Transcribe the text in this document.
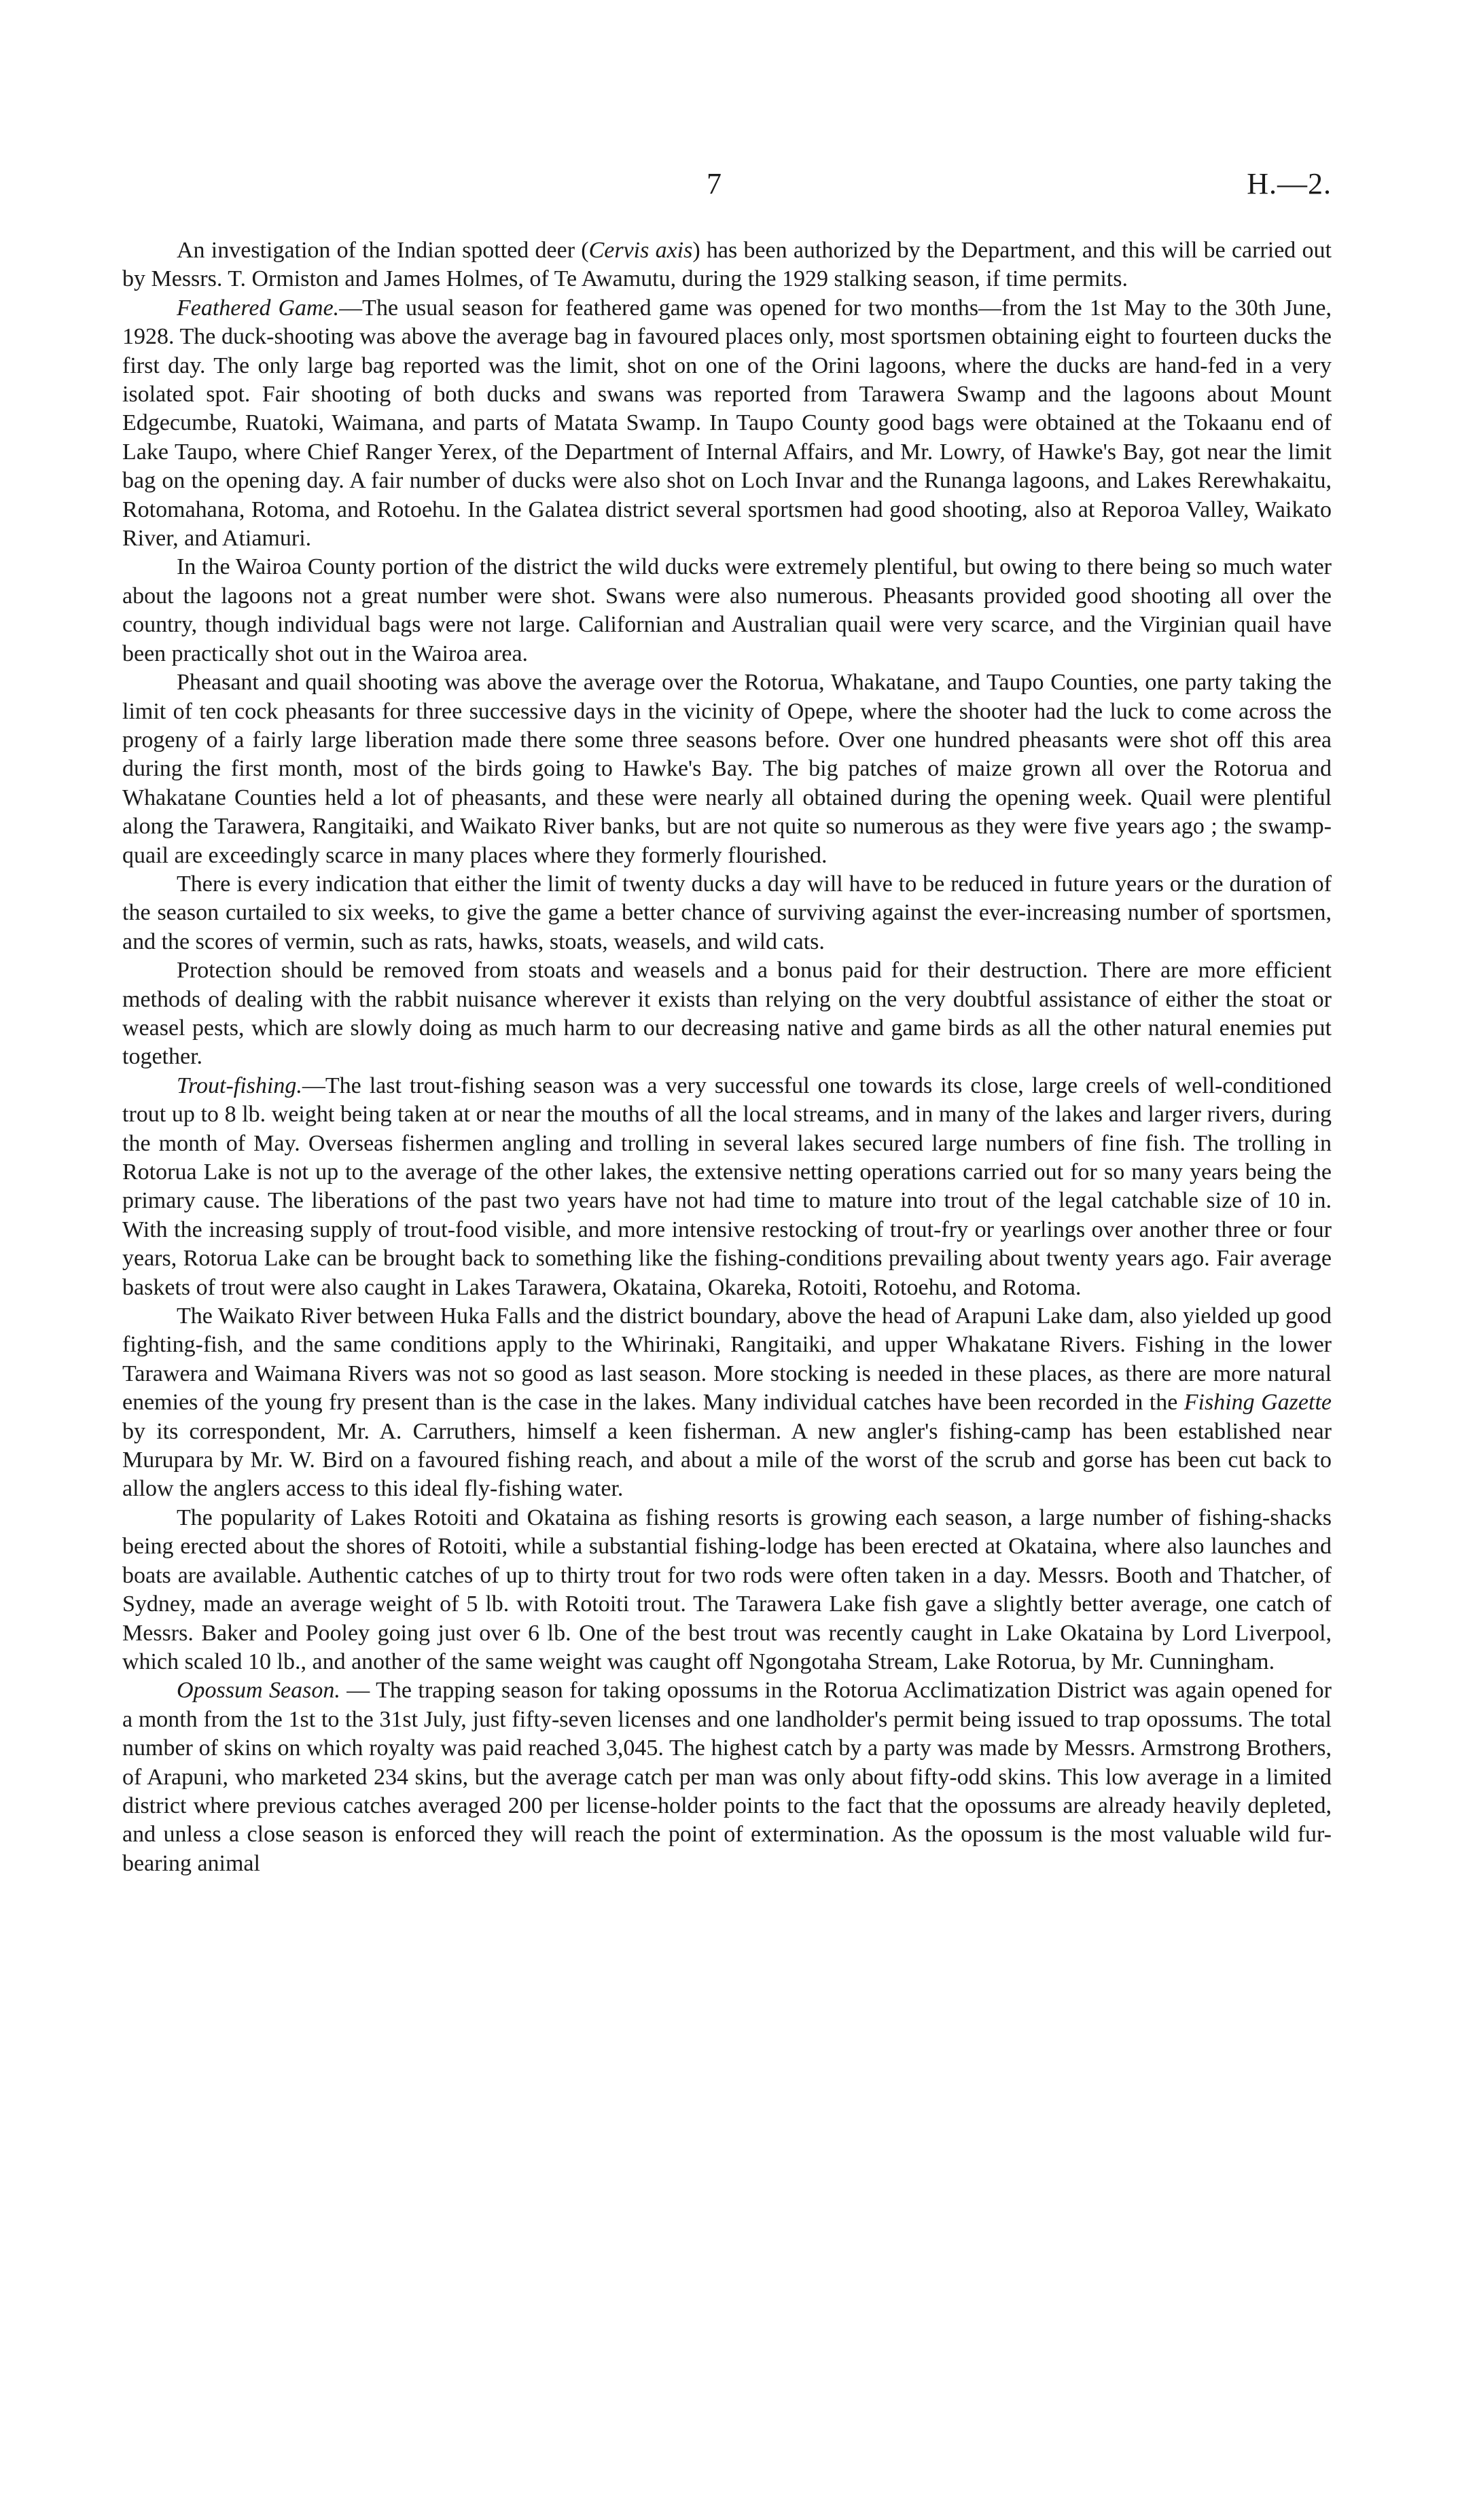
7	H.—2.

An investigation of the Indian spotted deer (Cervis axis) has been authorized by the Department, and this will be carried out by Messrs. T. Ormiston and James Holmes, of Te Awamutu, during the 1929 stalking season, if time permits.

Feathered Game.—The usual season for feathered game was opened for two months—from the 1st May to the 30th June, 1928. The duck-shooting was above the average bag in favoured places only, most sportsmen obtaining eight to fourteen ducks the first day. The only large bag reported was the limit, shot on one of the Orini lagoons, where the ducks are hand-fed in a very isolated spot. Fair shooting of both ducks and swans was reported from Tarawera Swamp and the lagoons about Mount Edgecumbe, Ruatoki, Waimana, and parts of Matata Swamp. In Taupo County good bags were obtained at the Tokaanu end of Lake Taupo, where Chief Ranger Yerex, of the Department of Internal Affairs, and Mr. Lowry, of Hawke's Bay, got near the limit bag on the opening day. A fair number of ducks were also shot on Loch Invar and the Runanga lagoons, and Lakes Rerewhakaitu, Rotomahana, Rotoma, and Rotoehu. In the Galatea district several sportsmen had good shooting, also at Reporoa Valley, Waikato River, and Atiamuri.

In the Wairoa County portion of the district the wild ducks were extremely plentiful, but owing to there being so much water about the lagoons not a great number were shot. Swans were also numerous. Pheasants provided good shooting all over the country, though individual bags were not large. Californian and Australian quail were very scarce, and the Virginian quail have been practically shot out in the Wairoa area.

Pheasant and quail shooting was above the average over the Rotorua, Whakatane, and Taupo Counties, one party taking the limit of ten cock pheasants for three successive days in the vicinity of Opepe, where the shooter had the luck to come across the progeny of a fairly large liberation made there some three seasons before. Over one hundred pheasants were shot off this area during the first month, most of the birds going to Hawke's Bay. The big patches of maize grown all over the Rotorua and Whakatane Counties held a lot of pheasants, and these were nearly all obtained during the opening week. Quail were plentiful along the Tarawera, Rangitaiki, and Waikato River banks, but are not quite so numerous as they were five years ago ; the swamp-quail are exceedingly scarce in many places where they formerly flourished.

There is every indication that either the limit of twenty ducks a day will have to be reduced in future years or the duration of the season curtailed to six weeks, to give the game a better chance of surviving against the ever-increasing number of sportsmen, and the scores of vermin, such as rats, hawks, stoats, weasels, and wild cats.

Protection should be removed from stoats and weasels and a bonus paid for their destruction. There are more efficient methods of dealing with the rabbit nuisance wherever it exists than relying on the very doubtful assistance of either the stoat or weasel pests, which are slowly doing as much harm to our decreasing native and game birds as all the other natural enemies put together.

Trout-fishing.—The last trout-fishing season was a very successful one towards its close, large creels of well-conditioned trout up to 8 lb. weight being taken at or near the mouths of all the local streams, and in many of the lakes and larger rivers, during the month of May. Overseas fishermen angling and trolling in several lakes secured large numbers of fine fish. The trolling in Rotorua Lake is not up to the average of the other lakes, the extensive netting operations carried out for so many years being the primary cause. The liberations of the past two years have not had time to mature into trout of the legal catchable size of 10 in. With the increasing supply of trout-food visible, and more intensive restocking of trout-fry or yearlings over another three or four years, Rotorua Lake can be brought back to something like the fishing-conditions prevailing about twenty years ago. Fair average baskets of trout were also caught in Lakes Tarawera, Okataina, Okareka, Rotoiti, Rotoehu, and Rotoma.

The Waikato River between Huka Falls and the district boundary, above the head of Arapuni Lake dam, also yielded up good fighting-fish, and the same conditions apply to the Whirinaki, Rangitaiki, and upper Whakatane Rivers. Fishing in the lower Tarawera and Waimana Rivers was not so good as last season. More stocking is needed in these places, as there are more natural enemies of the young fry present than is the case in the lakes. Many individual catches have been recorded in the Fishing Gazette by its correspondent, Mr. A. Carruthers, himself a keen fisherman. A new angler's fishing-camp has been established near Murupara by Mr. W. Bird on a favoured fishing reach, and about a mile of the worst of the scrub and gorse has been cut back to allow the anglers access to this ideal fly-fishing water.

The popularity of Lakes Rotoiti and Okataina as fishing resorts is growing each season, a large number of fishing-shacks being erected about the shores of Rotoiti, while a substantial fishing-lodge has been erected at Okataina, where also launches and boats are available. Authentic catches of up to thirty trout for two rods were often taken in a day. Messrs. Booth and Thatcher, of Sydney, made an average weight of 5 lb. with Rotoiti trout. The Tarawera Lake fish gave a slightly better average, one catch of Messrs. Baker and Pooley going just over 6 lb. One of the best trout was recently caught in Lake Okataina by Lord Liverpool, which scaled 10 lb., and another of the same weight was caught off Ngongotaha Stream, Lake Rotorua, by Mr. Cunningham.

Opossum Season. — The trapping season for taking opossums in the Rotorua Acclimatization District was again opened for a month from the 1st to the 31st July, just fifty-seven licenses and one landholder's permit being issued to trap opossums. The total number of skins on which royalty was paid reached 3,045. The highest catch by a party was made by Messrs. Armstrong Brothers, of Arapuni, who marketed 234 skins, but the average catch per man was only about fifty-odd skins. This low average in a limited district where previous catches averaged 200 per license-holder points to the fact that the opossums are already heavily depleted, and unless a close season is enforced they will reach the point of extermination. As the opossum is the most valuable wild fur-bearing animal
